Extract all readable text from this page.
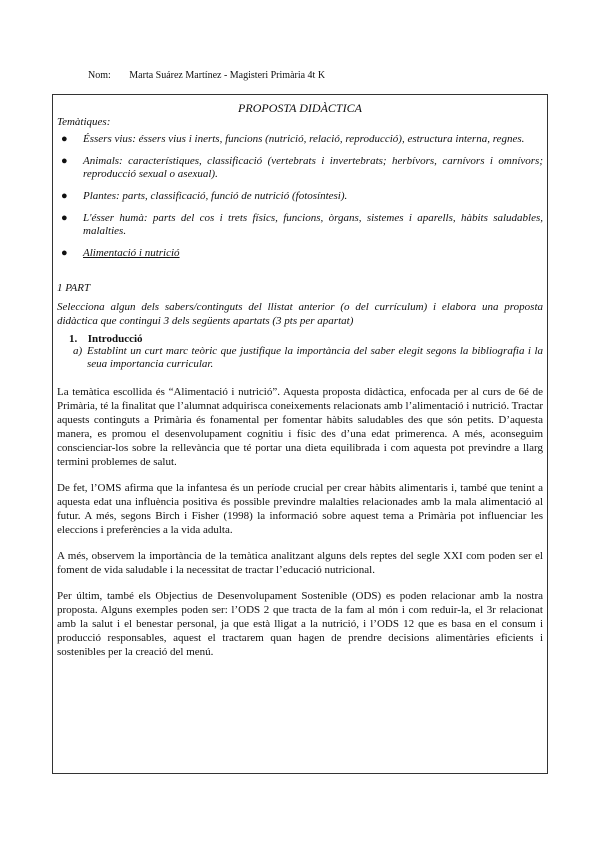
Nom: Marta Suárez Martínez - Magisteri Primària 4t K
PROPOSTA DIDÀCTICA
Temàtiques:
● Éssers vius: éssers vius i inerts, funcions (nutrició, relació, reproducció), estructura interna, regnes.
● Animals: característiques, classificació (vertebrats i invertebrats; herbívors, carnívors i omnívors; reproducció sexual o asexual).
● Plantes: parts, classificació, funció de nutrició (fotosíntesi).
● L'ésser humà: parts del cos i trets físics, funcions, òrgans, sistemes i aparells, hàbits saludables, malalties.
● Alimentació i nutrició
1 PART
Selecciona algun dels sabers/continguts del llistat anterior (o del currículum) i elabora una proposta didàctica que contingui 3 dels següents apartats (3 pts per apartat)
1. Introducció
a) Establint un curt marc teòric que justifique la importància del saber elegit segons la bibliografia i la seua importancia curricular.
La temàtica escollida és “Alimentació i nutrició”. Aquesta proposta didàctica, enfocada per al curs de 6é de Primària, té la finalitat que l’alumnat adquirisca coneixements relacionats amb l’alimentació i nutrició. Tractar aquests continguts a Primària és fonamental per fomentar hàbits saludables des que són petits. D’aquesta manera, es promou el desenvolupament cognitiu i físic des d’una edat primerenca. A més, aconseguim conscienciar-los sobre la rellevància que té portar una dieta equilibrada i com aquesta pot previndre a llarg termini problemes de salut.
De fet, l’OMS afirma que la infantesa és un període crucial per crear hàbits alimentaris i, també que tenint a aquesta edat una influència positiva és possible previndre malalties relacionades amb la mala alimentació al futur. A més, segons Birch i Fisher (1998) la informació sobre aquest tema a Primària pot influenciar les eleccions i preferències a la vida adulta.
A més, observem la importància de la temàtica analitzant alguns dels reptes del segle XXI com poden ser el foment de vida saludable i la necessitat de tractar l’educació nutricional.
Per últim, també els Objectius de Desenvolupament Sostenible (ODS) es poden relacionar amb la nostra proposta. Alguns exemples poden ser: l’ODS 2 que tracta de la fam al món i com reduir-la, el 3r relacionat amb la salut i el benestar personal, ja que està lligat a la nutrició, i l’ODS 12 que es basa en el consum i producció responsables, aquest el tractarem quan hagen de prendre decisions alimentàries eficients i sostenibles per la creació del menú.
